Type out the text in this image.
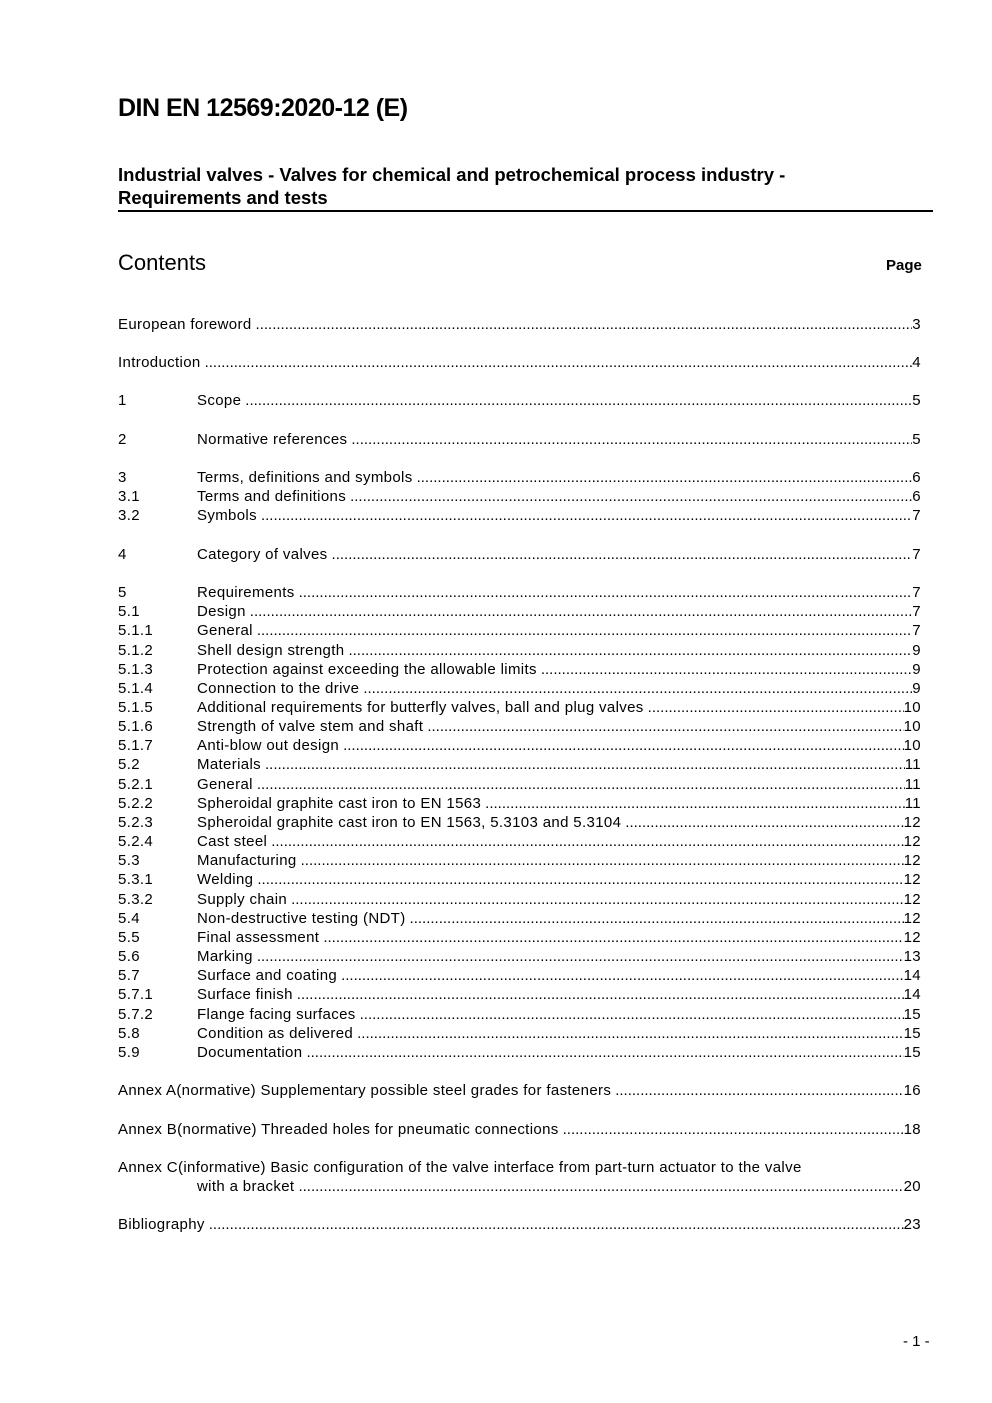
DIN EN 12569:2020-12 (E)
Industrial valves - Valves for chemical and petrochemical process industry -
Requirements and tests
Contents	Page
European foreword .....	3
Introduction .....	4
1	Scope .....	5
2	Normative references .....	5
3	Terms, definitions and symbols .....	6
3.1	Terms and definitions .....	6
3.2	Symbols .....	7
4	Category of valves .....	7
5	Requirements .....	7
5.1	Design .....	7
5.1.1	General .....	7
5.1.2	Shell design strength .....	9
5.1.3	Protection against exceeding the allowable limits .....	9
5.1.4	Connection to the drive .....	9
5.1.5	Additional requirements for butterfly valves, ball and plug valves .....	10
5.1.6	Strength of valve stem and shaft .....	10
5.1.7	Anti-blow out design .....	10
5.2	Materials .....	11
5.2.1	General .....	11
5.2.2	Spheroidal graphite cast iron to EN 1563 .....	11
5.2.3	Spheroidal graphite cast iron to EN 1563, 5.3103 and 5.3104 .....	12
5.2.4	Cast steel .....	12
5.3	Manufacturing .....	12
5.3.1	Welding .....	12
5.3.2	Supply chain .....	12
5.4	Non-destructive testing (NDT) .....	12
5.5	Final assessment .....	12
5.6	Marking .....	13
5.7	Surface and coating .....	14
5.7.1	Surface finish .....	14
5.7.2	Flange facing surfaces .....	15
5.8	Condition as delivered .....	15
5.9	Documentation .....	15
Annex A(normative) Supplementary possible steel grades for fasteners .....	16
Annex B(normative) Threaded holes for pneumatic connections .....	18
Annex C(informative) Basic configuration of the valve interface from part-turn actuator to the valve
with a bracket .....	20
Bibliography .....	23
- 1 -
